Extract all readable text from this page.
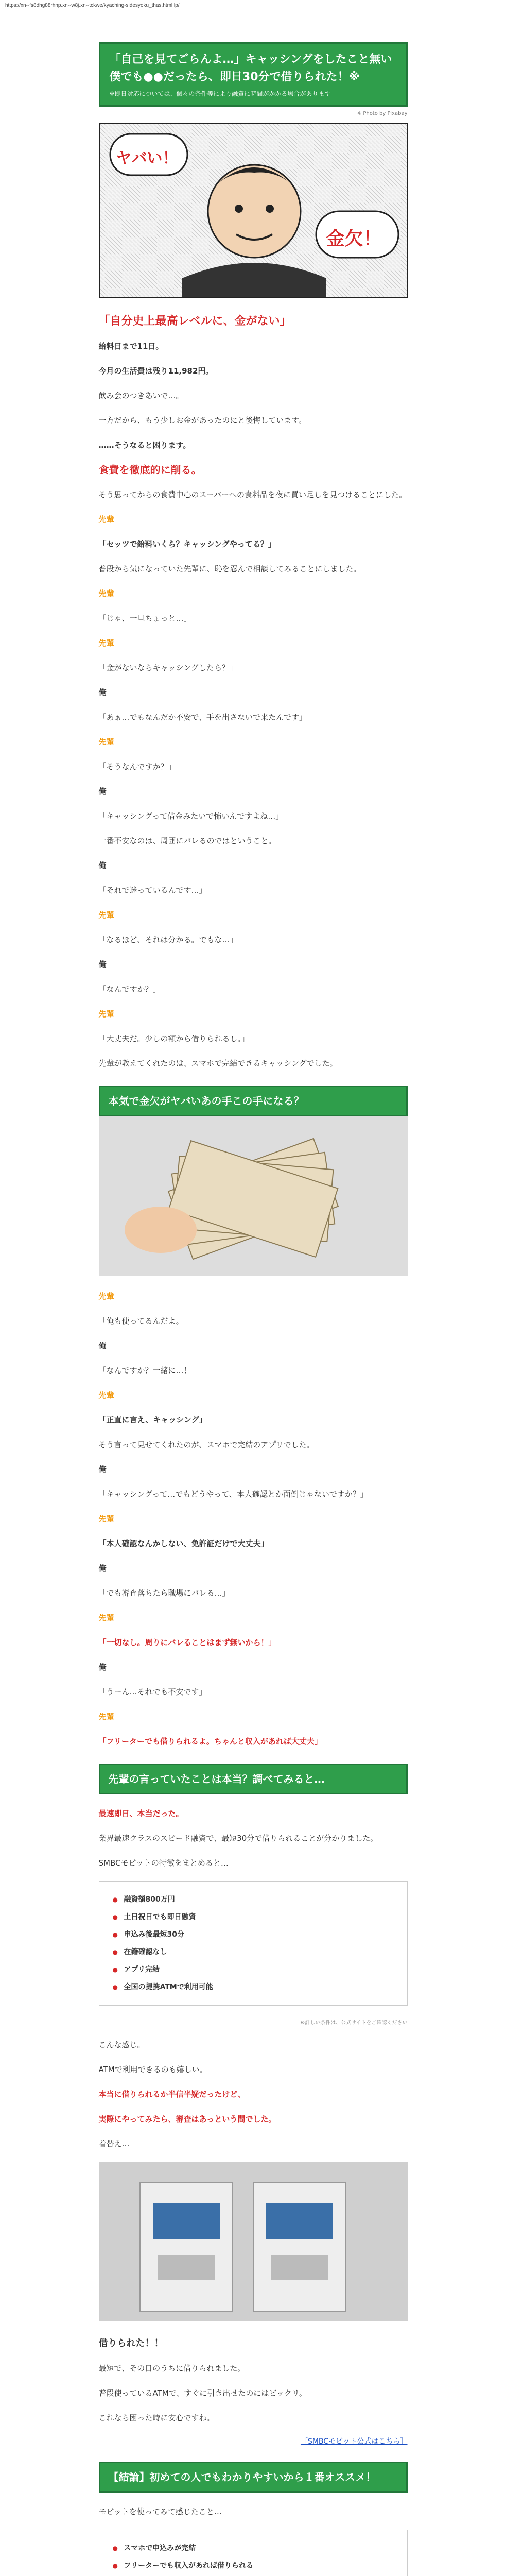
https://xn--fs8dhg88rhnp.xn--w8j.xn--tckwe/kyaching-sidesyoku_thas.html.lp/
「自己を見てごらんよ…」キャッシングをしたこと無い僕でも●●だったら、即日30分で借りられた！※
※即日対応については、個々の条件等により融資に時間がかかる場合があります
※ Photo by Pixabay
ヤバい！
金欠！
「自分史上最高レベルに、金がない」

給料日まで11日。

今月の生活費は残り11,982円。

飲み会のつきあいで…。

一方だから、もう少しお金があったのにと後悔しています。

……そうなると困ります。

食費を徹底的に削る。

そう思ってからの食費中心のスーパーへの食料品を夜に買い足しを見つけることにした。

先輩

「セッツで給料いくら？キャッシングやってる？」

普段から気になっていた先輩に、恥を忍んで相談してみることにしました。

先輩

「じゃ、一旦ちょっと…」

先輩

「金がないならキャッシングしたら？」

俺

「あぁ…でもなんだか不安で、手を出さないで来たんです」

先輩

「そうなんですか？」

俺

「キャッシングって借金みたいで怖いんですよね…」

一番不安なのは、周囲にバレるのではということ。

俺

「それで迷っているんです…」

先輩

「なるほど、それは分かる。でもな…」

俺

「なんですか？」

先輩

「大丈夫だ。少しの額から借りられるし。」

先輩が教えてくれたのは、スマホで完結できるキャッシングでした。

本気で金欠がヤバいあの手この手になる？

先輩

「俺も使ってるんだよ。

俺

「なんですか？一緒に…！」

先輩

「正直に言え、キャッシング」

そう言って見せてくれたのが、スマホで完結のアプリでした。

俺

「キャッシングって…でもどうやって、本人確認とか面倒じゃないですか？」

先輩

「本人確認なんかしない、免許証だけで大丈夫」

俺

「でも審査落ちたら職場にバレる…」

先輩

「一切なし。周りにバレることはまず無いから！」

俺

「うーん…それでも不安です」

先輩

「フリーターでも借りられるよ。ちゃんと収入があれば大丈夫」

先輩の言っていたことは本当？調べてみると…

最速即日、本当だった。

業界最速クラスのスピード融資で、最短30分で借りられることが分かりました。

SMBCモビットの特徴をまとめると…

● 融資額800万円
● 土日祝日でも即日融資
● 申込み後最短30分
● 在籍確認なし
● アプリ完結
● 全国の提携ATMで利用可能
※詳しい条件は、公式サイトをご確認ください

こんな感じ。

ATMで利用できるのも嬉しい。

本当に借りられるか半信半疑だったけど、

実際にやってみたら、審査はあっという間でした。

着替え…

借りられた！！

最短で、その日のうちに借りられました。

普段使っているATMで、すぐに引き出せたのにはビックリ。

これなら困った時に安心ですね。

［SMBCモビット公式はこちら］
【結論】初めての人でもわかりやすいから１番オススメ！

モビットを使ってみて感じたこと…

● スマホで申込みが完結
● フリーターでも収入があれば借りられる
●
